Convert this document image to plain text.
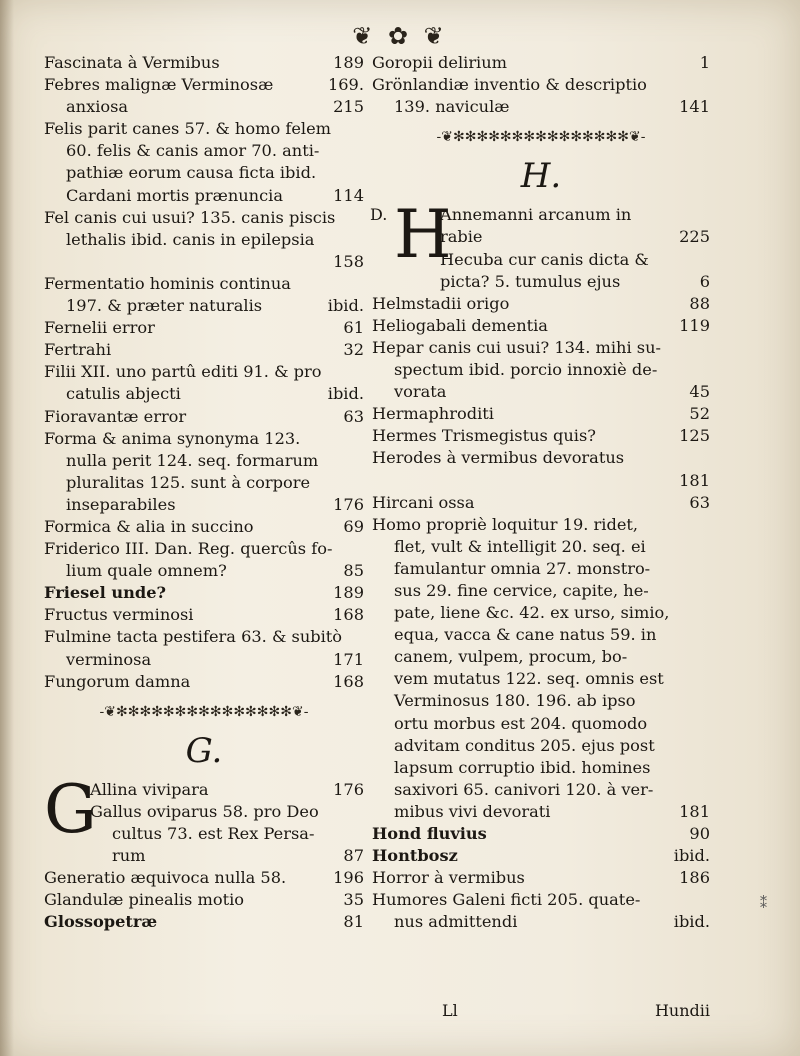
❦ ✿ ❦
189
Fascinata à Vermibus
169.
Febres malignæ Verminosæ
215
anxiosa
Felis parit canes 57. & homo felem
60. felis & canis amor 70. anti-
pathiæ eorum causa ficta ibid.
114
Cardani mortis prænuncia
Fel canis cui usui? 135. canis piscis
lethalis ibid. canis in epilepsia
158

Fermentatio hominis continua
ibid.
197. & præter naturalis
61
Fernelii error
32
Fertrahi
Filii XII. uno partû editi 91. & pro
ibid.
catulis abjecti
63
Fioravantæ error
Forma & anima synonyma 123.
nulla perit 124. seq. formarum
pluralitas 125. sunt à corpore
176
inseparabiles
69
Formica & alia in succino
Friderico III. Dan. Reg. quercûs fo-
85
lium quale omnem?
189
Friesel unde?
168
Fructus verminosi
Fulmine tacta pestifera 63. & subitò
171
verminosa
168
Fungorum damna
-❦✻✻✻✻✻✻✻✻✻✻✻✻✻✻✻❦-
G.
G	176
Allina vivipara
Gallus oviparus 58. pro Deo
cultus 73. est Rex Persa-
87
rum
196
Generatio æquivoca nulla 58.
35
Glandulæ pinealis motio
81
Glossopetræ
1
Goropii delirium
Grönlandiæ inventio & descriptio
141
139. naviculæ
-❦✻✻✻✻✻✻✻✻✻✻✻✻✻✻✻❦-
H.
D. H
Annemanni arcanum in
225
rabie
Hecuba cur canis dicta &
6
picta? 5. tumulus ejus
88
Helmstadii origo
119
Heliogabali dementia
Hepar canis cui usui? 134. mihi su-
spectum ibid. porcio innoxiè de-
45
vorata
52
Hermaphroditi
125
Hermes Trismegistus quis?
Herodes à vermibus devoratus
181

63
Hircani ossa
Homo propriè loquitur 19. ridet,
flet, vult & intelligit 20. seq. ei
famulantur omnia 27. monstro-
sus 29. fine cervice, capite, he-
pate, liene &c. 42. ex urso, simio,
equa, vacca & cane natus 59. in
canem, vulpem, procum, bo-
vem mutatus 122. seq. omnis est
Verminosus 180. 196. ab ipso
ortu morbus est 204. quomodo
advitam conditus 205. ejus post
lapsum corruptio ibid. homines
saxivori 65. canivori 120. à ver-
181
mibus vivi devorati
90
Hond fluvius
ibid.
Hontbosz
186
Horror à vermibus
Humores Galeni ficti 205. quate-
ibid.
nus admittendi
Ll	Hundii
⁑
